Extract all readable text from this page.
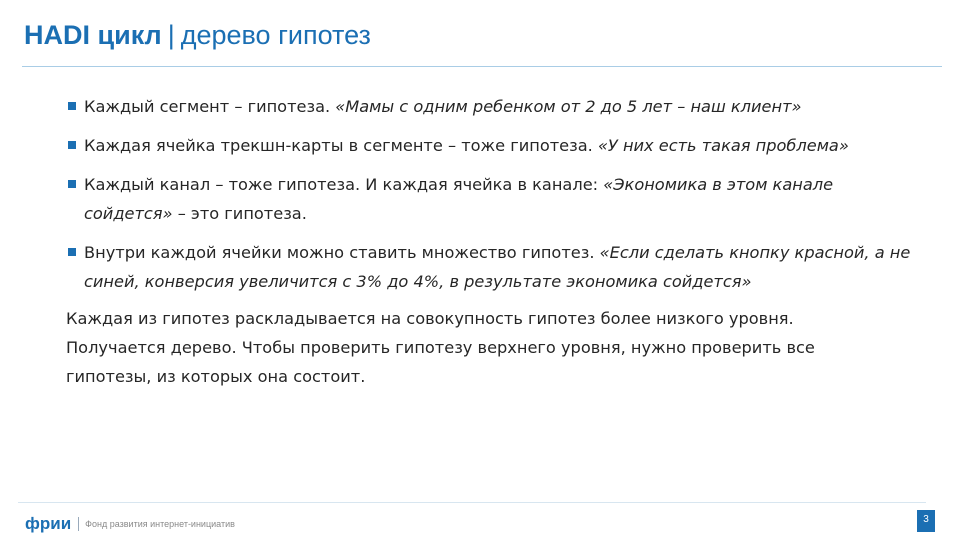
HADI цикл | дерево гипотез
Каждый сегмент – гипотеза. «Мамы с одним ребенком от 2 до 5 лет – наш клиент»
Каждая ячейка трекшн-карты в сегменте – тоже гипотеза. «У них есть такая проблема»
Каждый канал – тоже гипотеза. И каждая ячейка в канале: «Экономика в этом канале сойдется» – это гипотеза.
Внутри каждой ячейки можно ставить множество гипотез. «Если сделать кнопку красной, а не синей, конверсия увеличится с 3% до 4%, в результате экономика сойдется»

Каждая из гипотез раскладывается на совокупность гипотез более низкого уровня. Получается дерево. Чтобы проверить гипотезу верхнего уровня, нужно проверить все гипотезы, из которых она состоит.

фрии Фонд развития интернет-инициатив	3
